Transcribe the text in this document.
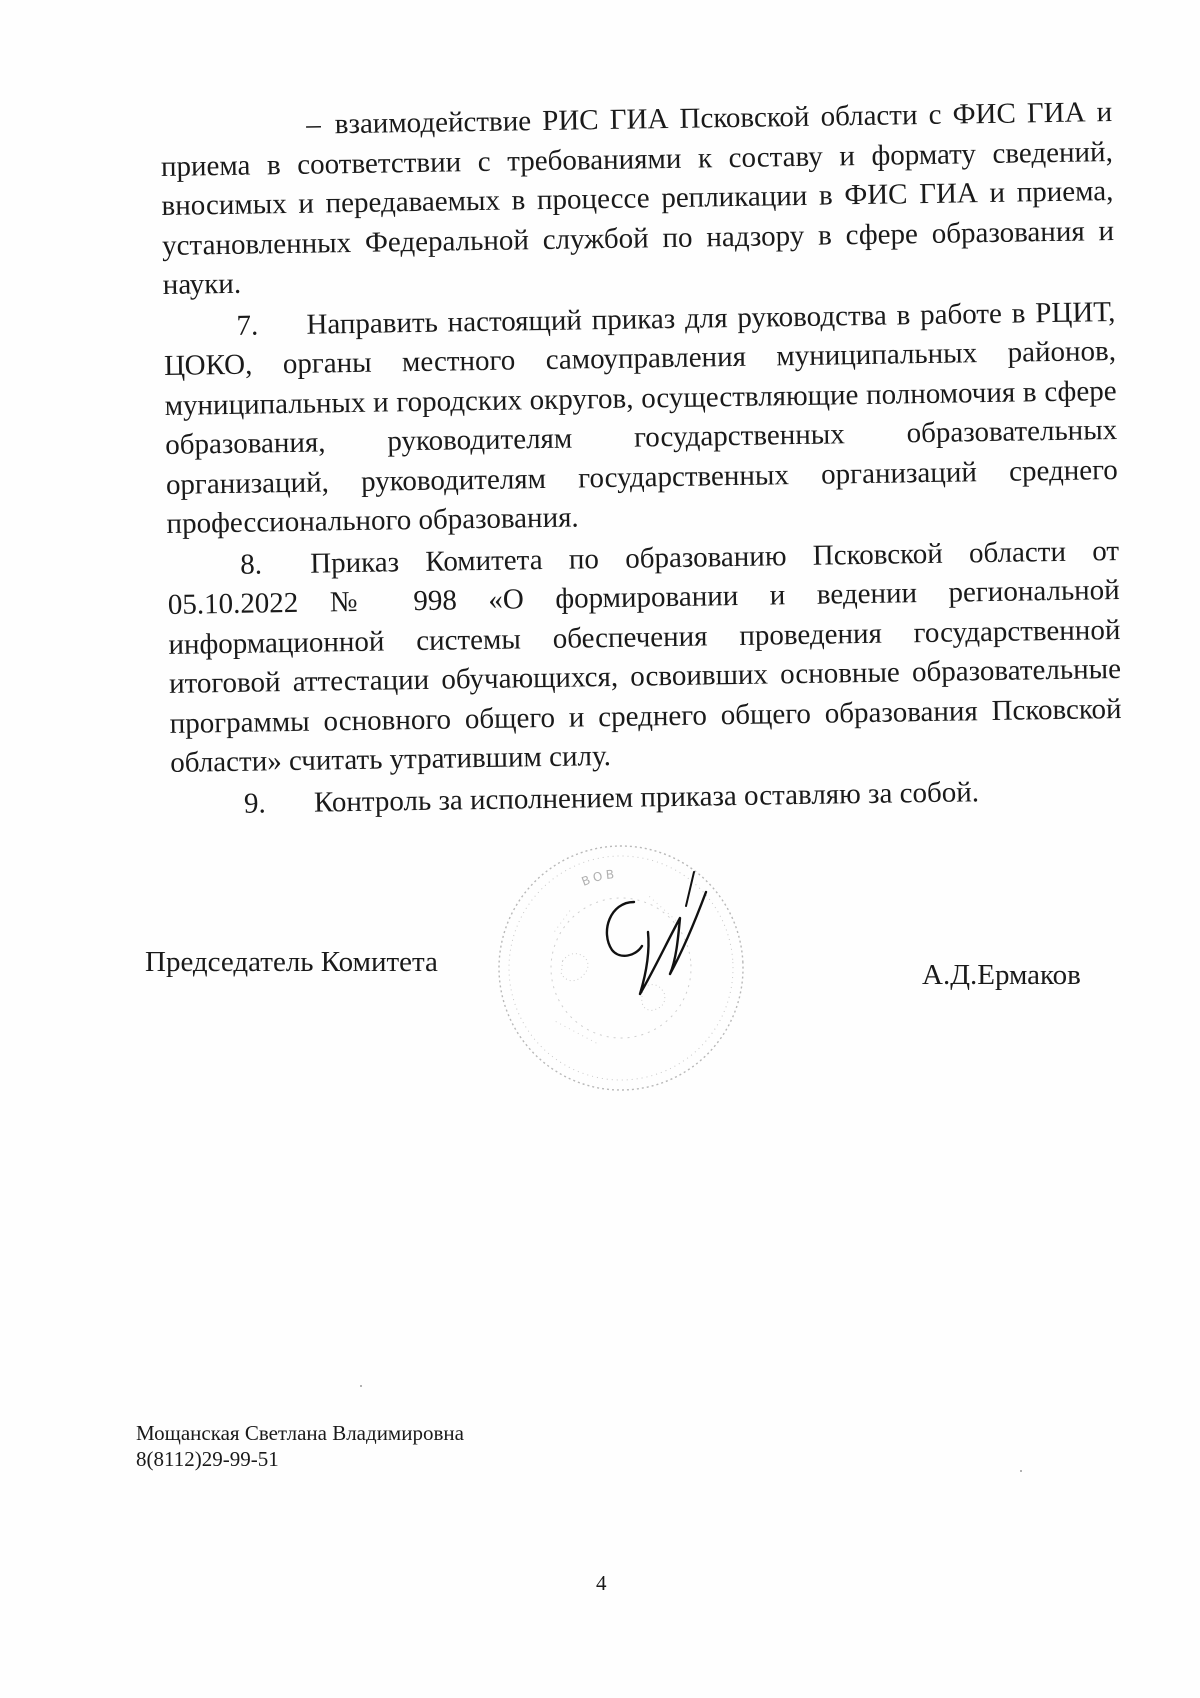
– взаимодействие РИС ГИА Псковской области с ФИС ГИА и приема в соответствии с требованиями к составу и формату сведений, вносимых и передаваемых в процессе репликации в ФИС ГИА и приема, установленных Федеральной службой по надзору в сфере образования и науки.

7. Направить настоящий приказ для руководства в работе в РЦИТ, ЦОКО, органы местного самоуправления муниципальных районов, муниципальных и городских округов, осуществляющие полномочия в сфере образования, руководителям государственных образовательных организаций, руководителям государственных организаций среднего профессионального образования.

8. Приказ Комитета по образованию Псковской области от 05.10.2022 № 998 «О формировании и ведении региональной информационной системы обеспечения проведения государственной итоговой аттестации обучающихся, освоивших основные образовательные программы основного общего и среднего общего образования Псковской области» считать утратившим силу.

9. Контроль за исполнением приказа оставляю за собой.

ВОВ
Председатель Комитета	А.Д.Ермаков
Мощанская Светлана Владимировна
8(8112)29-99-51
4
